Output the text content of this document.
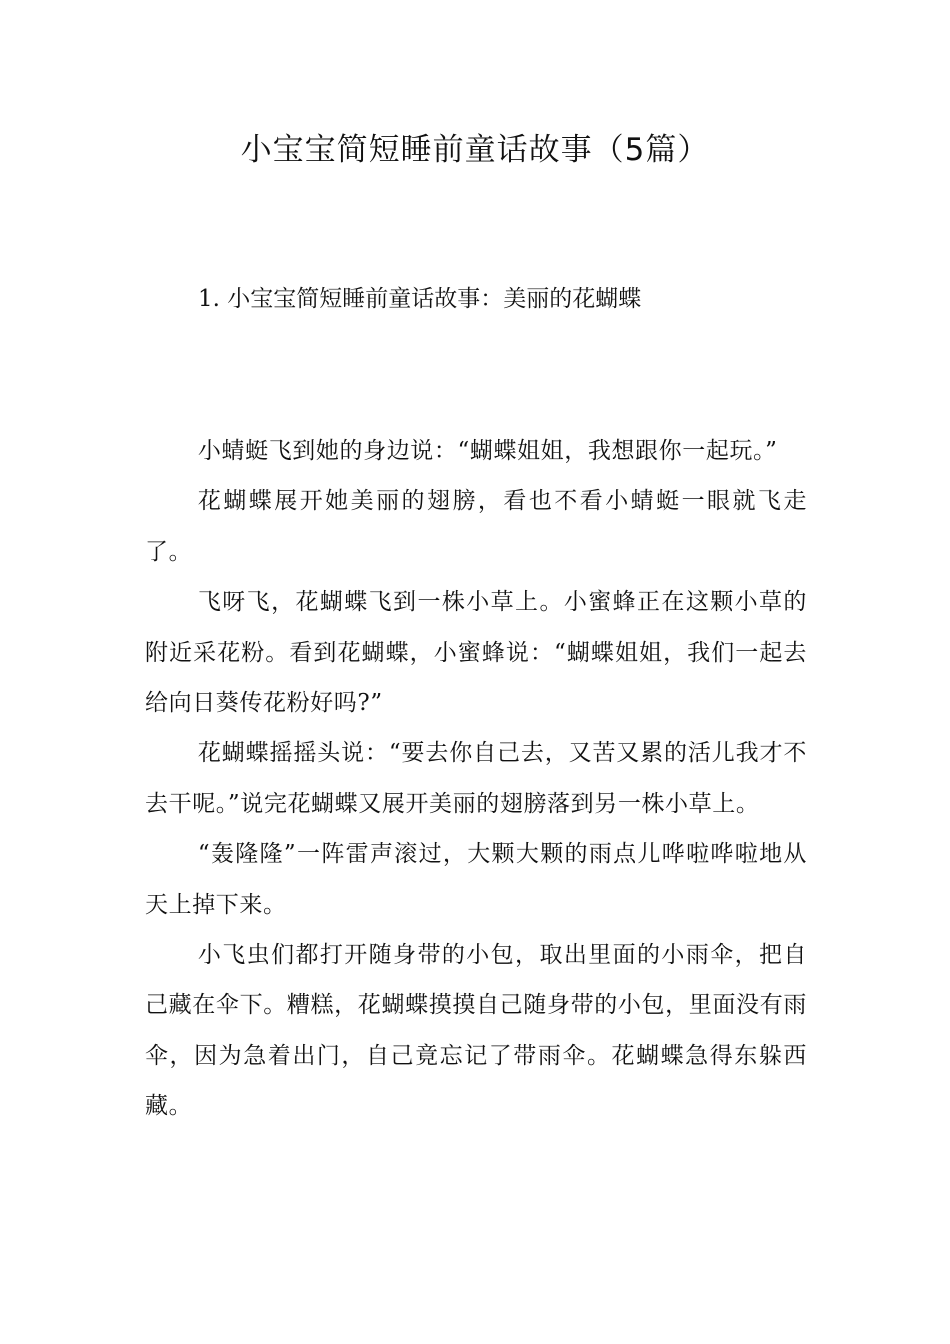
小宝宝简短睡前童话故事（5篇）
1. 小宝宝简短睡前童话故事：美丽的花蝴蝶

小蜻蜓飞到她的身边说：“蝴蝶姐姐，我想跟你一起玩。”

花蝴蝶展开她美丽的翅膀，看也不看小蜻蜓一眼就飞走了。

飞呀飞，花蝴蝶飞到一株小草上。小蜜蜂正在这颗小草的附近采花粉。看到花蝴蝶，小蜜蜂说：“蝴蝶姐姐，我们一起去给向日葵传花粉好吗?”

花蝴蝶摇摇头说：“要去你自己去，又苦又累的活儿我才不去干呢。”说完花蝴蝶又展开美丽的翅膀落到另一株小草上。

“轰隆隆”一阵雷声滚过，大颗大颗的雨点儿哗啦哗啦地从天上掉下来。

小飞虫们都打开随身带的小包，取出里面的小雨伞，把自己藏在伞下。糟糕，花蝴蝶摸摸自己随身带的小包，里面没有雨伞，因为急着出门，自己竟忘记了带雨伞。花蝴蝶急得东躲西藏。
